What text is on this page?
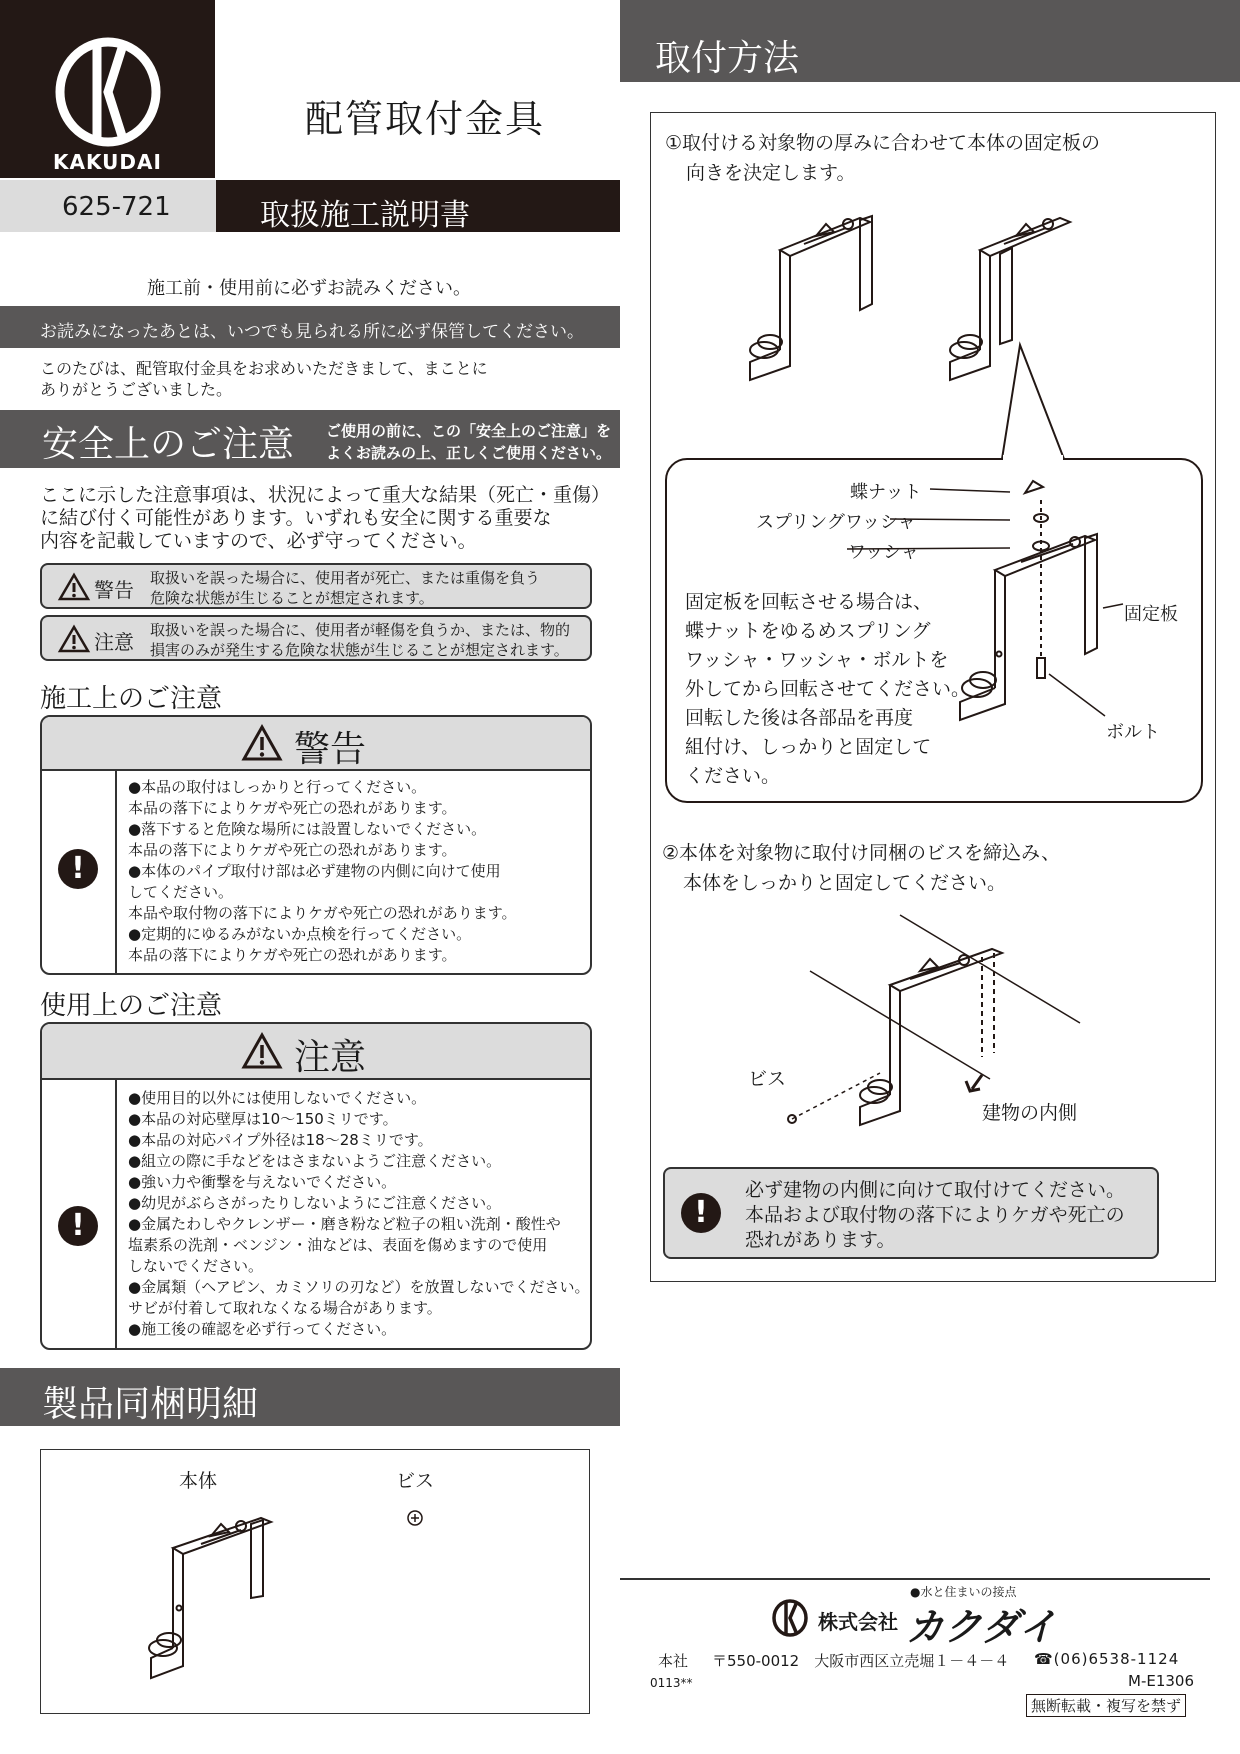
KAKUDAI
配管取付金具
625-721	取扱施工説明書
施工前・使用前に必ずお読みください。
お読みになったあとは、いつでも見られる所に必ず保管してください。
このたびは、配管取付金具をお求めいただきまして、まことに
ありがとうございました。
安全上のご注意 ご使用の前に、この「安全上のご注意」を
よくお読みの上、正しくご使用ください。
ここに示した注意事項は、状況によって重大な結果（死亡・重傷）
に結び付く可能性があります。いずれも安全に関する重要な
内容を記載していますので、必ず守ってください。
警告 取扱いを誤った場合に、使用者が死亡、または重傷を負う
危険な状態が生じることが想定されます。
注意 取扱いを誤った場合に、使用者が軽傷を負うか、または、物的
損害のみが発生する危険な状態が生じることが想定されます。
施工上のご注意
警告
!
●本品の取付はしっかりと行ってください。
本品の落下によりケガや死亡の恐れがあります。
●落下すると危険な場所には設置しないでください。
本品の落下によりケガや死亡の恐れがあります。
●本体のパイプ取付け部は必ず建物の内側に向けて使用
してください。
本品や取付物の落下によりケガや死亡の恐れがあります。
●定期的にゆるみがないか点検を行ってください。
本品の落下によりケガや死亡の恐れがあります。
使用上のご注意
注意
!
●使用目的以外には使用しないでください。
●本品の対応壁厚は10～150ミリです。
●本品の対応パイプ外径は18～28ミリです。
●組立の際に手などをはさまないようご注意ください。
●強い力や衝撃を与えないでください。
●幼児がぶらさがったりしないようにご注意ください。
●金属たわしやクレンザー・磨き粉など粒子の粗い洗剤・酸性や
塩素系の洗剤・ベンジン・油などは、表面を傷めますので使用
しないでください。
●金属類（ヘアピン、カミソリの刃など）を放置しないでください。
サビが付着して取れなくなる場合があります。
●施工後の確認を必ず行ってください。
製品同梱明細
本体	ビス
取付方法
①取付ける対象物の厚みに合わせて本体の固定板の
向きを決定します。
蝶ナット
スプリングワッシャ
ワッシャ
固定板
ボルト
固定板を回転させる場合は、
蝶ナットをゆるめスプリング
ワッシャ・ワッシャ・ボルトを
外してから回転させてください。
回転した後は各部品を再度
組付け、しっかりと固定して
ください。
②本体を対象物に取付け同梱のビスを締込み、
本体をしっかりと固定してください。
ビス
建物の内側
!
必ず建物の内側に向けて取付けてください。
本品および取付物の落下によりケガや死亡の
恐れがあります。
●水と住まいの接点
株式会社 カクダイ
本社 〒550-0012　大阪市西区立売堀１－４－４ ☎(06)6538-1124
0113**	M-E1306
無断転載・複写を禁ず
